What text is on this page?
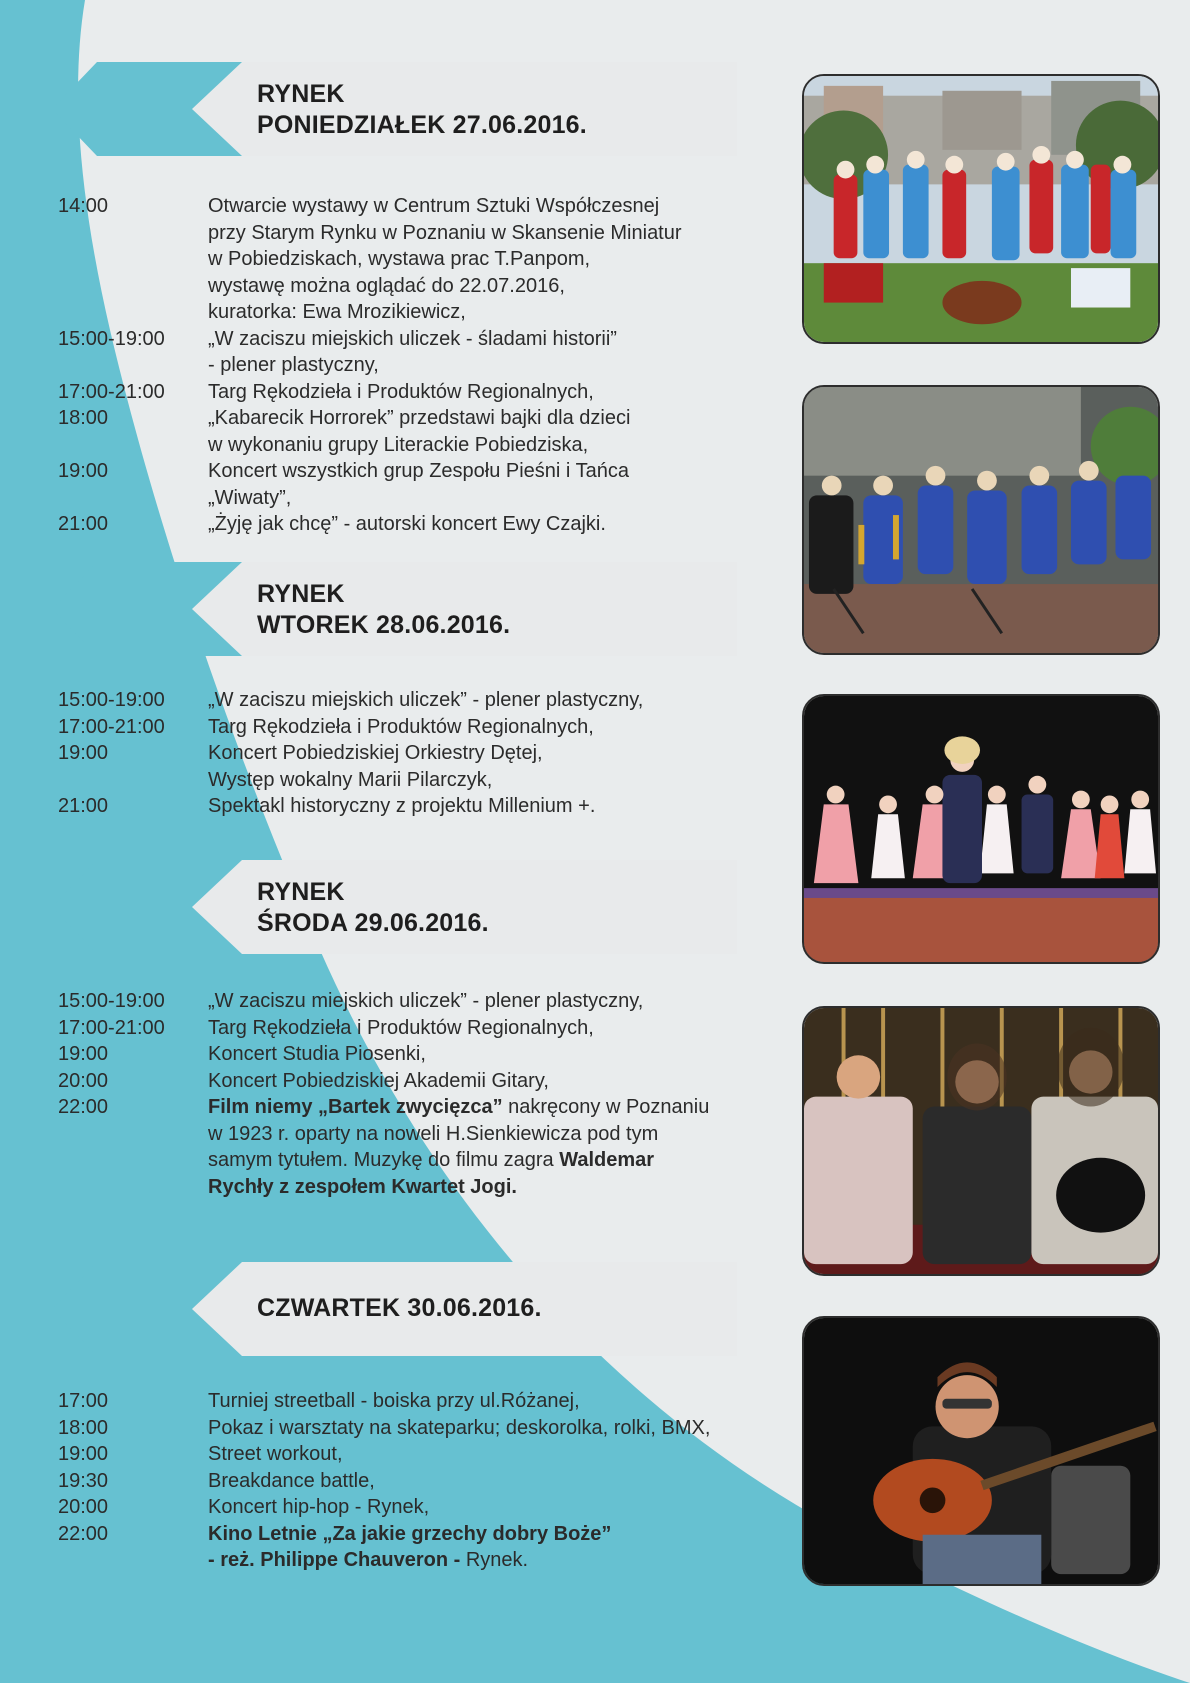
RYNEK
PONIEDZIAŁEK 27.06.2016.
RYNEK
WTOREK 28.06.2016.
RYNEK
ŚRODA 29.06.2016.
CZWARTEK 30.06.2016.
14:00	Otwarcie wystawy w Centrum Sztuki Współczesnej
przy Starym Rynku w Poznaniu w Skansenie Miniatur
w Pobiedziskach, wystawa prac T.Panpom,
wystawę można oglądać do 22.07.2016,
kuratorka: Ewa Mrozikiewicz,
15:00-19:00	„W zaciszu miejskich uliczek - śladami historii”
- plener plastyczny,
17:00-21:00	Targ Rękodzieła i Produktów Regionalnych,
18:00	„Kabarecik Horrorek” przedstawi bajki dla dzieci
w wykonaniu grupy Literackie Pobiedziska,
19:00	Koncert wszystkich grup Zespołu Pieśni i Tańca
„Wiwaty”,
21:00	„Żyję jak chcę” - autorski koncert Ewy Czajki.
15:00-19:00	„W zaciszu miejskich uliczek” - plener plastyczny,
17:00-21:00	Targ Rękodzieła i Produktów Regionalnych,
19:00	Koncert Pobiedziskiej Orkiestry Dętej,
Występ wokalny Marii Pilarczyk,
21:00	Spektakl historyczny z projektu Millenium +.
15:00-19:00	„W zaciszu miejskich uliczek” - plener plastyczny,
17:00-21:00	Targ Rękodzieła i Produktów Regionalnych,
19:00	Koncert Studia Piosenki,
20:00	Koncert Pobiedziskiej Akademii Gitary,
22:00	Film niemy „Bartek zwycięzca” nakręcony w Poznaniu
w 1923 r. oparty na noweli H.Sienkiewicza pod tym
samym tytułem. Muzykę do filmu zagra Waldemar
Rychły z zespołem Kwartet Jogi.
17:00	Turniej streetball - boiska przy ul.Różanej,
18:00	Pokaz i warsztaty na skateparku; deskorolka, rolki, BMX,
19:00	Street workout,
19:30	Breakdance battle,
20:00	Koncert hip-hop - Rynek,
22:00	Kino Letnie „Za jakie grzechy dobry Boże”
- reż. Philippe Chauveron - Rynek.
